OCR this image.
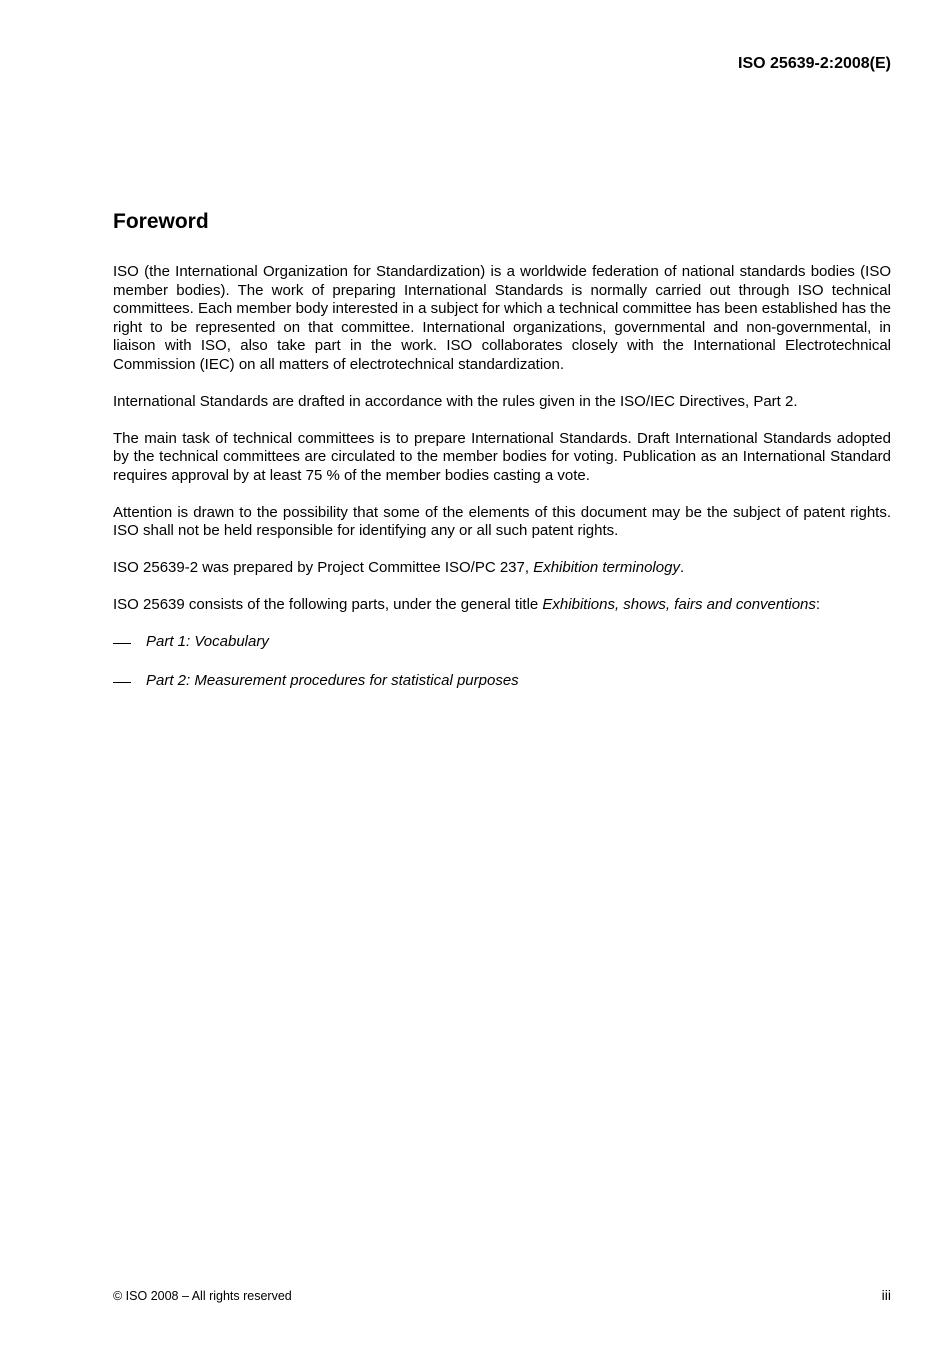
ISO 25639-2:2008(E)
Foreword

ISO (the International Organization for Standardization) is a worldwide federation of national standards bodies (ISO member bodies). The work of preparing International Standards is normally carried out through ISO technical committees. Each member body interested in a subject for which a technical committee has been established has the right to be represented on that committee. International organizations, governmental and non-governmental, in liaison with ISO, also take part in the work. ISO collaborates closely with the International Electrotechnical Commission (IEC) on all matters of electrotechnical standardization.

International Standards are drafted in accordance with the rules given in the ISO/IEC Directives, Part 2.

The main task of technical committees is to prepare International Standards. Draft International Standards adopted by the technical committees are circulated to the member bodies for voting. Publication as an International Standard requires approval by at least 75 % of the member bodies casting a vote.

Attention is drawn to the possibility that some of the elements of this document may be the subject of patent rights. ISO shall not be held responsible for identifying any or all such patent rights.

ISO 25639-2 was prepared by Project Committee ISO/PC 237, Exhibition terminology.

ISO 25639 consists of the following parts, under the general title Exhibitions, shows, fairs and conventions:

Part 1: Vocabulary
Part 2: Measurement procedures for statistical purposes
© ISO 2008 – All rights reserved	iii
